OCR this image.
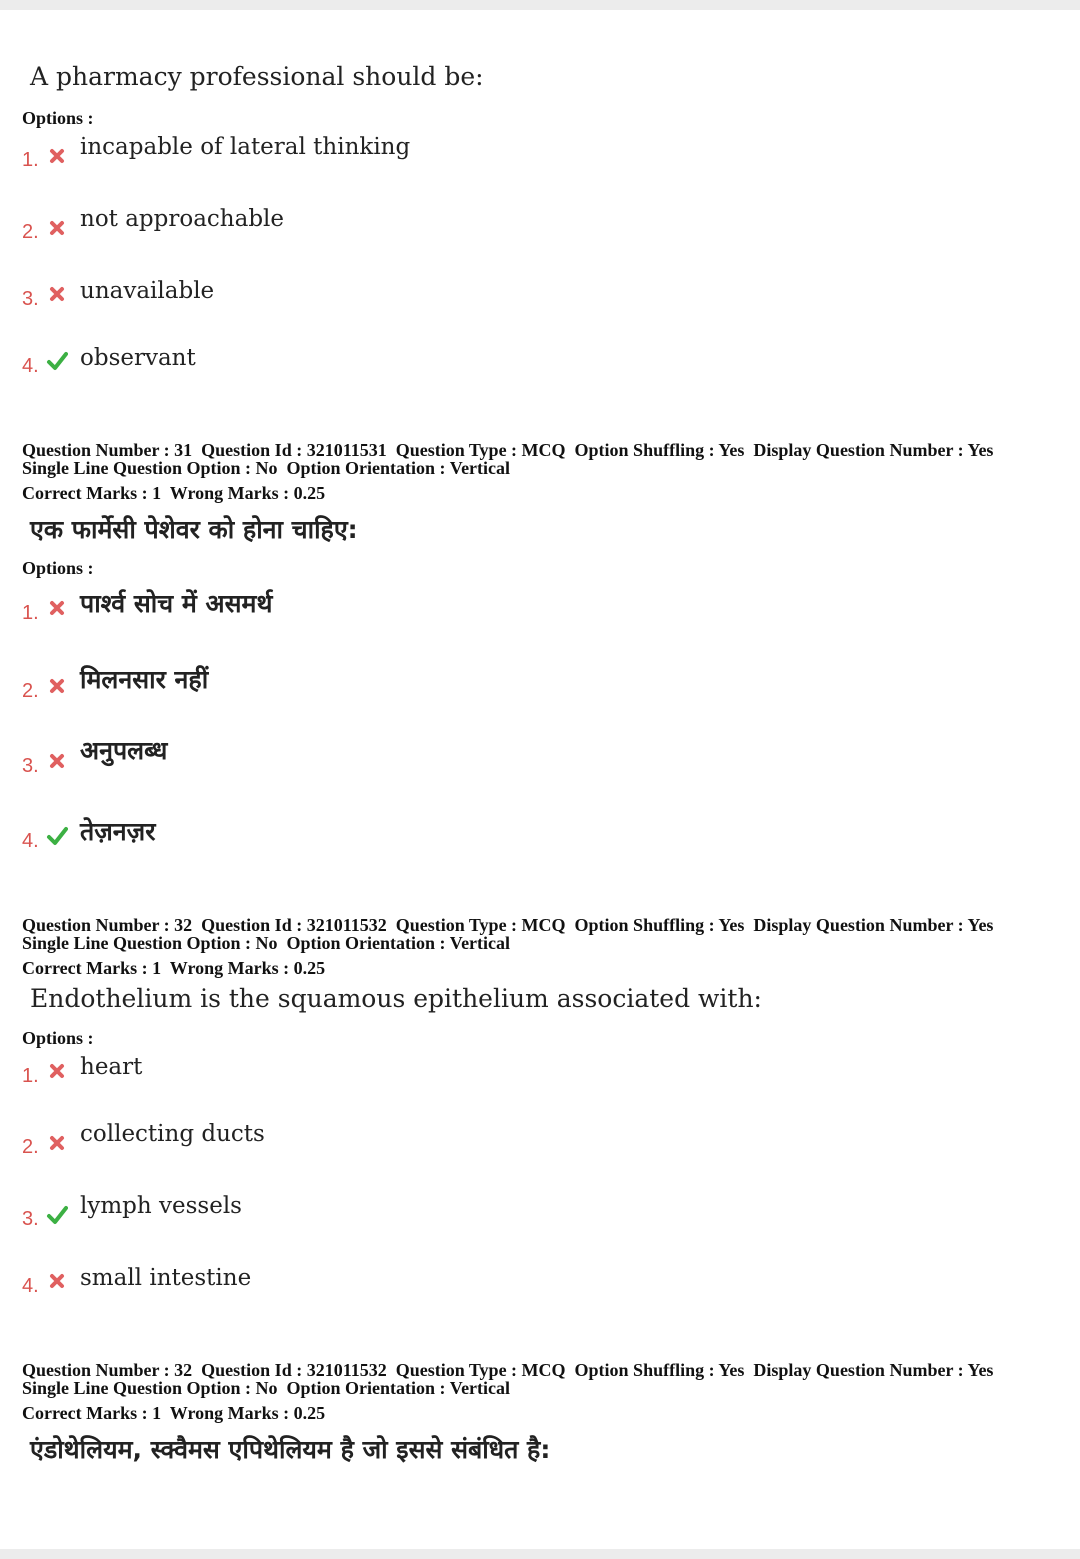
A pharmacy professional should be:
Options :
1. incapable of lateral thinking
2. not approachable
3. unavailable
4. observant
Question Number : 31  Question Id : 321011531  Question Type : MCQ  Option Shuffling : Yes  Display Question Number : Yes
Single Line Question Option : No  Option Orientation : Vertical
Correct Marks : 1  Wrong Marks : 0.25
एक फार्मेसी पेशेवर को होना चाहिए:
Options :
1. पार्श्व सोच में असमर्थ
2. मिलनसार नहीं
3.
अनुपलब्ध
4. तेज़नज़र
Question Number : 32  Question Id : 321011532  Question Type : MCQ  Option Shuffling : Yes  Display Question Number : Yes
Single Line Question Option : No  Option Orientation : Vertical
Correct Marks : 1  Wrong Marks : 0.25
Endothelium is the squamous epithelium associated with:
Options :
1. heart
2. collecting ducts
3. lymph vessels
4. small intestine
Question Number : 32  Question Id : 321011532  Question Type : MCQ  Option Shuffling : Yes  Display Question Number : Yes
Single Line Question Option : No  Option Orientation : Vertical
Correct Marks : 1  Wrong Marks : 0.25
एंडोथेलियम, स्क्वैमस एपिथेलियम है जो इससे संबंधित है:
